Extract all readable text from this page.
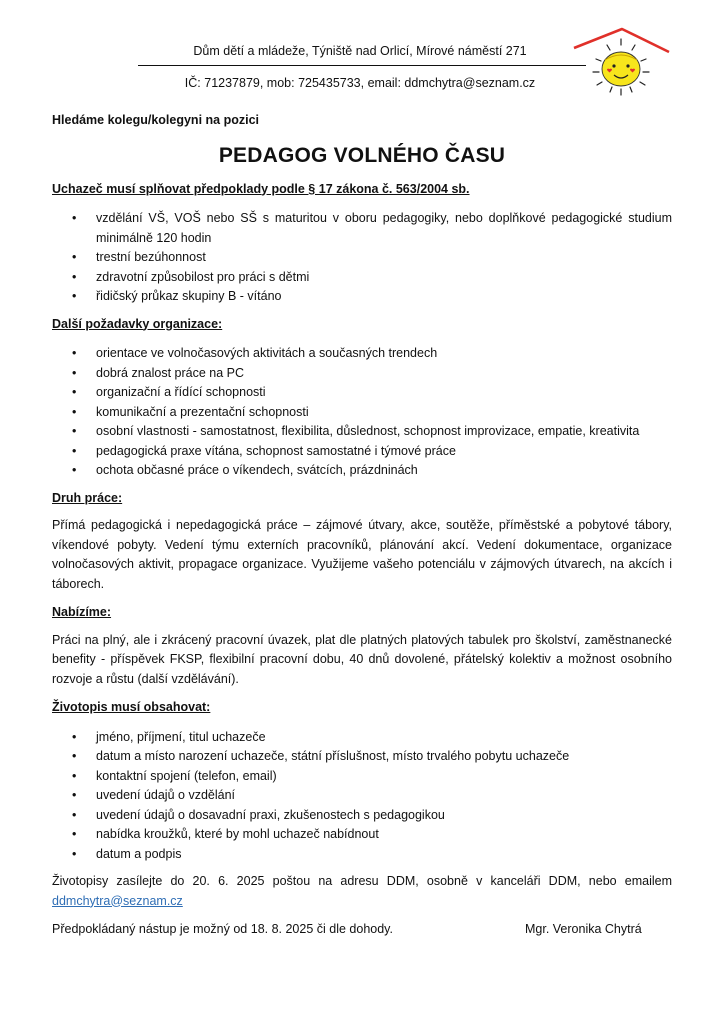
Dům dětí a mládeže, Týniště nad Orlicí, Mírové náměstí 271
IČ: 71237879, mob: 725435733, email: ddmchytra@seznam.cz

Hledáme kolegu/kolegyni na pozici

PEDAGOG VOLNÉHO ČASU

Uchazeč musí splňovat předpoklady podle § 17 zákona č. 563/2004 sb.

• vzdělání VŠ, VOŠ nebo SŠ s maturitou v oboru pedagogiky, nebo doplňkové pedagogické studium minimálně 120 hodin
• trestní bezúhonnost
• zdravotní způsobilost pro práci s dětmi
• řidičský průkaz skupiny B - vítáno

Další požadavky organizace:

• orientace ve volnočasových aktivitách a současných trendech
• dobrá znalost práce na PC
• organizační a řídící schopnosti
• komunikační a prezentační schopnosti
• osobní vlastnosti - samostatnost, flexibilita, důslednost, schopnost improvizace, empatie, kreativita
• pedagogická praxe vítána, schopnost samostatné i týmové práce
• ochota občasné práce o víkendech, svátcích, prázdninách

Druh práce:

Přímá pedagogická i nepedagogická práce – zájmové útvary, akce, soutěže, příměstské a pobytové tábory, víkendové pobyty. Vedení týmu externích pracovníků, plánování akcí. Vedení dokumentace, organizace volnočasových aktivit, propagace organizace. Využijeme vašeho potenciálu v zájmových útvarech, na akcích i táborech.

Nabízíme:

Práci na plný, ale i zkrácený pracovní úvazek, plat dle platných platových tabulek pro školství, zaměstnanecké benefity - příspěvek FKSP, flexibilní pracovní dobu, 40 dnů dovolené, přátelský kolektiv a možnost osobního rozvoje a růstu (další vzdělávání).

Životopis musí obsahovat:

• jméno, příjmení, titul uchazeče
• datum a místo narození uchazeče, státní příslušnost, místo trvalého pobytu uchazeče
• kontaktní spojení (telefon, email)
• uvedení údajů o vzdělání
• uvedení údajů o dosavadní praxi, zkušenostech s pedagogikou
• nabídka kroužků, které by mohl uchazeč nabídnout
• datum a podpis

Životopisy zasílejte do 20. 6. 2025 poštou na adresu DDM, osobně v kanceláři DDM, nebo emailem ddmchytra@seznam.cz

Předpokládaný nástup je možný od 18. 8. 2025 či dle dohody.	Mgr. Veronika Chytrá
